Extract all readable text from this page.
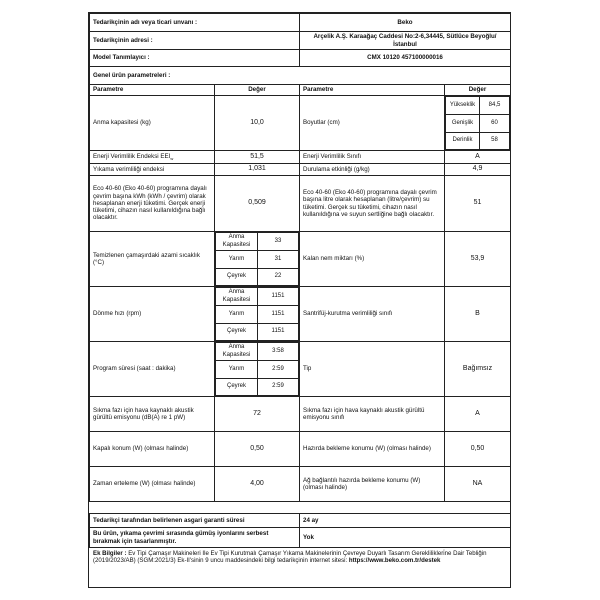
Tedarikçinin adı veya ticari unvanı :	Beko
Tedarikçinin adresi :	Arçelik A.Ş. Karaağaç Caddesi No:2-6,34445, Sütlüce Beyoğlu/İstanbul
Model Tanımlayıcı :	CMX 10120 457100000016
Genel ürün parametreleri :	
Parametre	Değer	Parametre	Değer
Anma kapasitesi (kg)	10,0	Boyutlar (cm)	
Yükseklik	84,5
Genişlik	60
Derinlik	58

Enerji Verimlilik Endeksi $EEI_w$	51,5	Enerji Verimlilik Sınıfı	A
Yıkama verimliliği endeksi	1,031	Durulama etkinliği (g/kg)	4,9
Eco 40-60 (Eko 40-60) programına dayalı çevrim başına kWh (kWh / çevrim) olarak hesaplanan enerji tüketimi. Gerçek enerji tüketimi, cihazın nasıl kullanıldığına bağlı olacaktır.	0,509	Eco 40-60 (Eko 40-60) programına dayalı çevrim başına litre olarak hesaplanan (litre/çevrim) su tüketimi. Gerçek su tüketimi, cihazın nasıl kullanıldığına ve suyun sertliğine bağlı olacaktır.	51
Temizlenen çamaşırdaki azami sıcaklık (°C)	
Anma Kapasitesi	33
Yarım	31
Çeyrek	22
	Kalan nem miktarı (%)	53,9
Dönme hızı (rpm)	
Anma Kapasitesi	1151
Yarım	1151
Çeyrek	1151
	Santrifüj-kurutma verimliliği sınıfı	B
Program süresi (saat : dakika)	
Anma Kapasitesi	3:58
Yarım	2:59
Çeyrek	2:59
	Tip	Bağımsız
Sıkma fazı için hava kaynaklı akustik gürültü emisyonu (dB(A) re 1 pW)	72	Sıkma fazı için hava kaynaklı akustik gürültü emisyonu sınıfı	A
Kapalı konum (W) (olması halinde)	0,50	Hazırda bekleme konumu (W) (olması halinde)	0,50
Zaman erteleme (W) (olması halinde)	4,00	Ağ bağlantılı hazırda bekleme konumu (W) (olması halinde)	NA
Tedarikçi tarafından belirlenen asgari garanti süresi	24 ay
Bu ürün, yıkama çevrimi sırasında gümüş iyonlarını serbest bırakmak için tasarlanmıştır.	Yok
Ek Bilgiler : Ev Tipi Çamaşır Makineleri Ile Ev Tipi Kurutmalı Çamaşır Yıkama Makinelerinin Çevreye Duyarlı Tasarım Gereklilikleri̇ne Dair Tebliğin (2019/2023/AB) (SGM:2021/3) Ek-II'sinin 9 uncu maddesindeki bilgi tedarikçinin internet sitesi: https://www.beko.com.tr/destek
